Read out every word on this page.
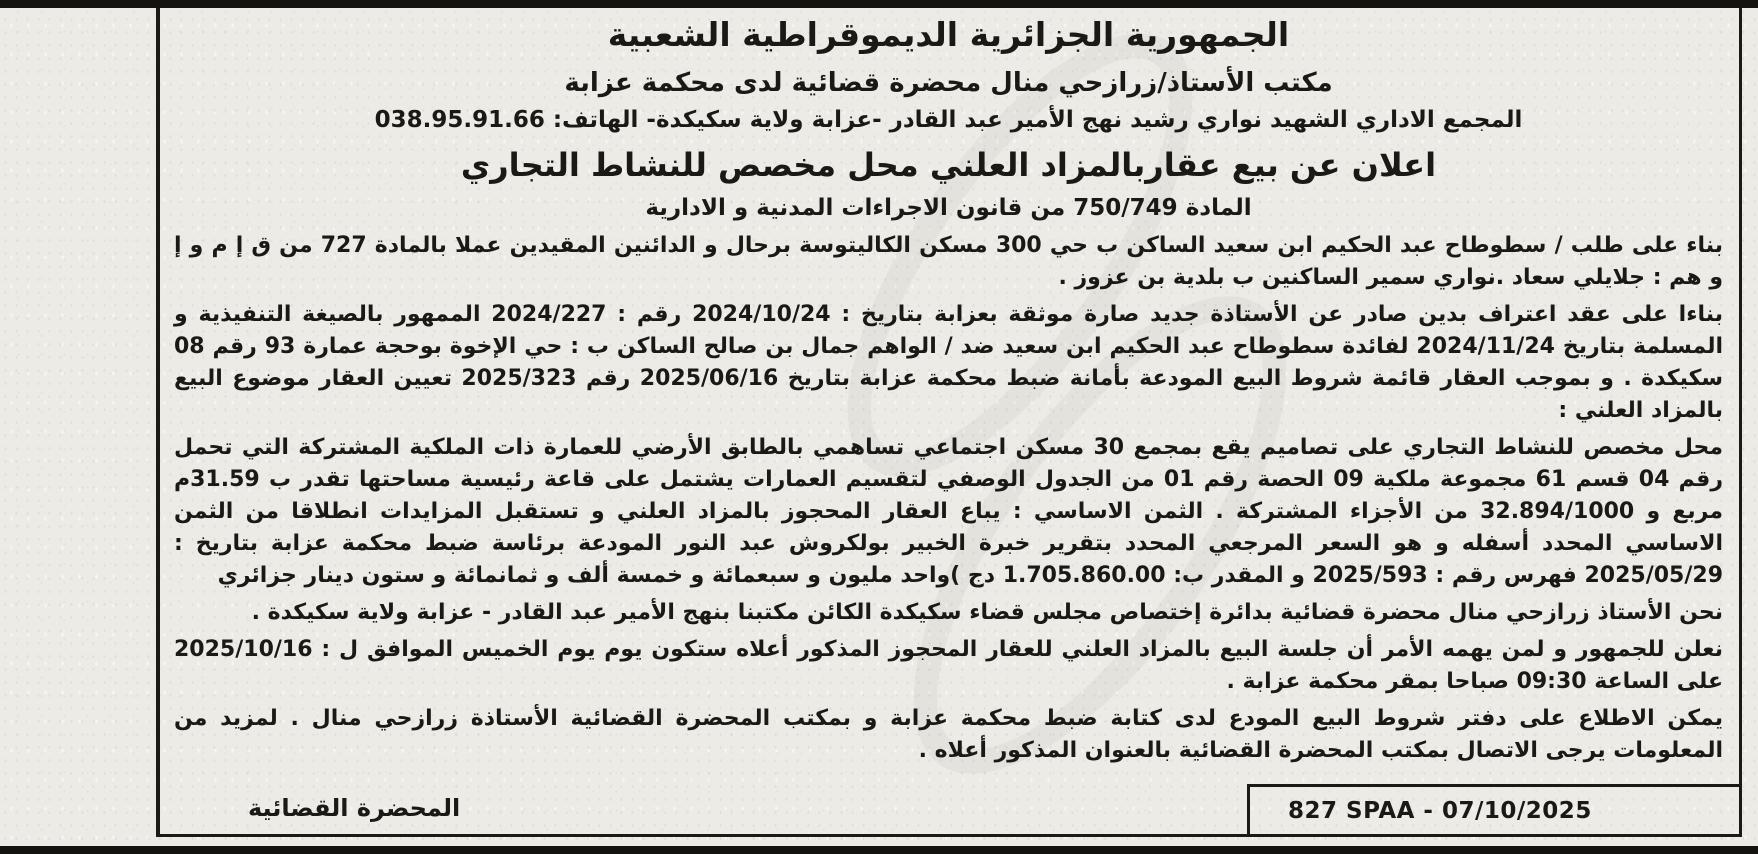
الجمهورية الجزائرية الديموقراطية الشعبية
مكتب الأستاذ/زرازحي منال محضرة قضائية لدى محكمة عزابة
المجمع الاداري الشهيد نواري رشيد نهج الأمير عبد القادر -عزابة ولاية سكيكدة- الهاتف: 038.95.91.66
اعلان عن بيع عقاربالمزاد العلني محل مخصص للنشاط التجاري
المادة 750/749 من قانون الاجراءات المدنية و الادارية

بناء على طلب / سطوطاح عبد الحكيم ابن سعيد الساكن ب حي 300 مسكن الكاليتوسة برحال و الدائنين المقيدين عملا بالمادة 727 من ق إ م و إ و هم : جلايلي سعاد .نواري سمير الساكنين ب بلدية بن عزوز .

بناءا على عقد اعتراف بدين صادر عن الأستاذة جديد صارة موثقة بعزابة بتاريخ : 2024/10/24 رقم : 2024/227 الممهور بالصيغة التنفيذية و المسلمة بتاريخ 2024/11/24 لفائدة سطوطاح عبد الحكيم ابن سعيد ضد / الواهم جمال بن صالح الساكن ب : حي الإخوة بوحجة عمارة 93 رقم 08 سكيكدة . و بموجب العقار قائمة شروط البيع المودعة بأمانة ضبط محكمة عزابة بتاريخ 2025/06/16 رقم 2025/323 تعيين العقار موضوع البيع بالمزاد العلني :

محل مخصص للنشاط التجاري على تصاميم يقع بمجمع 30 مسكن اجتماعي تساهمي بالطابق الأرضي للعمارة ذات الملكية المشتركة التي تحمل رقم 04 قسم 61 مجموعة ملكية 09 الحصة رقم 01 من الجدول الوصفي لتقسيم العمارات يشتمل على قاعة رئيسية مساحتها تقدر ب 31.59م مربع و 32.894/1000 من الأجزاء المشتركة . الثمن الاساسي : يباع العقار المحجوز بالمزاد العلني و تستقبل المزايدات انطلاقا من الثمن الاساسي المحدد أسفله و هو السعر المرجعي المحدد بتقرير خبرة الخبير بولكروش عبد النور المودعة برئاسة ضبط محكمة عزابة بتاريخ : 2025/05/29 فهرس رقم : 2025/593 و المقدر ب: 1.705.860.00 دج )واحد مليون و سبعمائة و خمسة ألف و ثمانمائة و ستون دينار جزائري

نحن الأستاذ زرازحي منال محضرة قضائية بدائرة إختصاص مجلس قضاء سكيكدة الكائن مكتبنا بنهج الأمير عبد القادر - عزابة ولاية سكيكدة .

نعلن للجمهور و لمن يهمه الأمر أن جلسة البيع بالمزاد العلني للعقار المحجوز المذكور أعلاه ستكون يوم يوم الخميس الموافق ل : 2025/10/16 على الساعة 09:30 صباحا بمقر محكمة عزابة .

يمكن الاطلاع على دفتر شروط البيع المودع لدى كتابة ضبط محكمة عزابة و بمكتب المحضرة القضائية الأستاذة زرازحي منال . لمزيد من المعلومات يرجى الاتصال بمكتب المحضرة القضائية بالعنوان المذكور أعلاه .

المحضرة القضائية	827 SPAA - 07/10/2025
